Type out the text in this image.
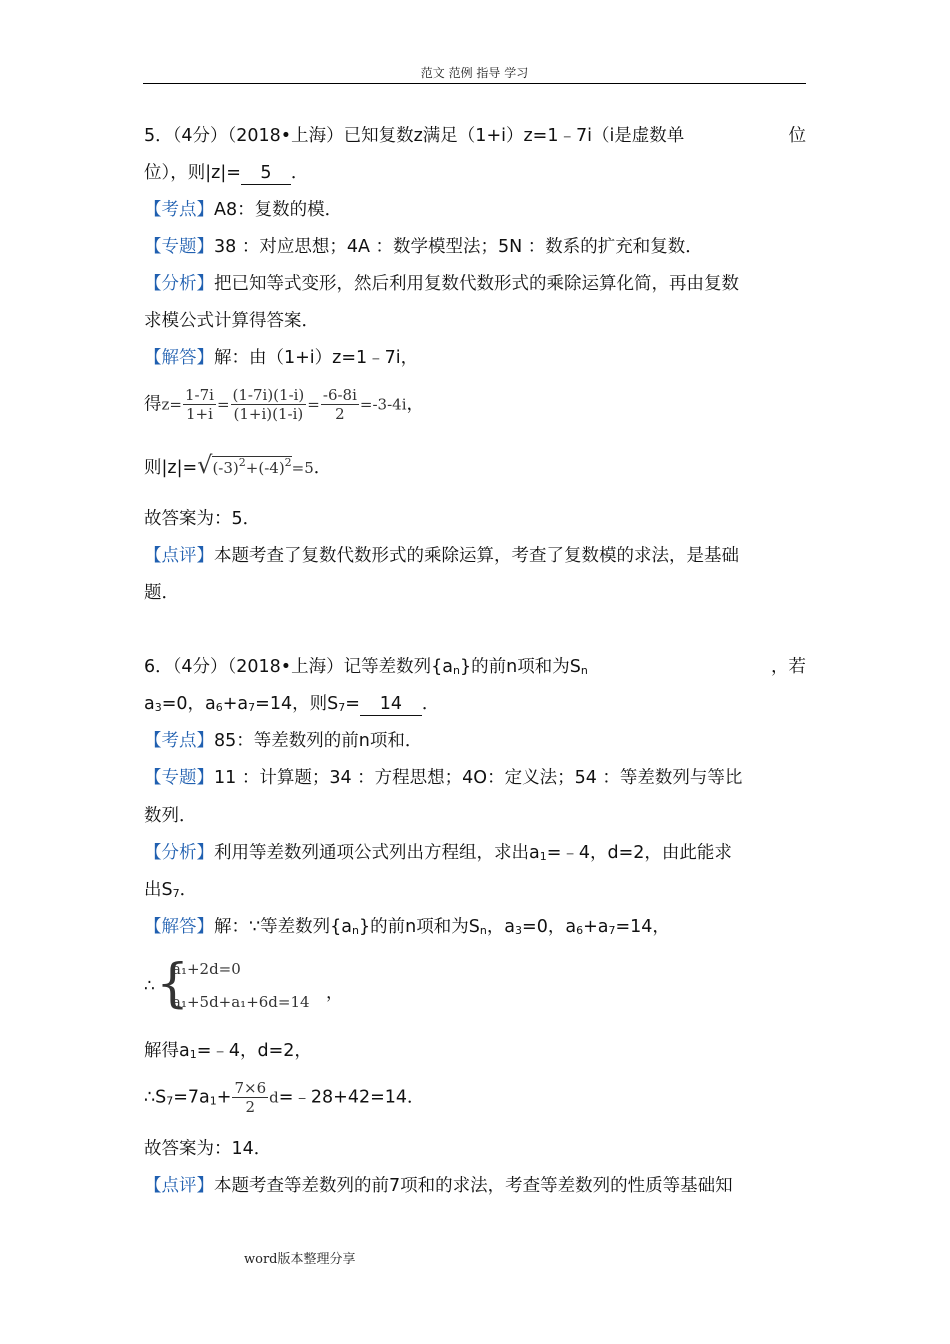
范文 范例 指导 学习
5．（4分）（2018•上海）已知复数z满足（1+i）z=1﹣7i（i是虚数单	位
位），则|z|= 5 ．
【考点】A8：复数的模．
【专题】38 ：对应思想；4A ：数学模型法；5N ：数系的扩充和复数．
【分析】把已知等式变形，然后利用复数代数形式的乘除运算化简，再由复数
求模公式计算得答案．
【解答】解：由（1+i）z=1﹣7i，
得$z= \frac{1-7i}{1+i} = \frac{(1-7i)(1-i)}{(1+i)(1-i)} = \frac{-6-8i}{2} =-3-4i$，
则$|z|=√(-3)^2+(-4)^2=5$．
故答案为：5．
【点评】本题考查了复数代数形式的乘除运算，考查了复数模的求法，是基础
题．
6．（4分）（2018•上海）记等差数列{an}的前n项和为Sn	，若
a3=0，a6+a7=14，则S7= 14 ．
【考点】85：等差数列的前n项和．
【专题】11 ：计算题；34 ：方程思想；4O：定义法；54 ：等差数列与等比
数列．
【分析】利用等差数列通项公式列出方程组，求出a1=﹣4，d=2，由此能求
出S7．
【解答】解：∵等差数列{an}的前n项和为Sn，a3=0，a6+a7=14，
∴ {
a₁+2d=0
a₁+5d+a₁+6d=14 ，
解得a1=﹣4，d=2，
∴S7=7a1+ $\frac{7\times 6}{2}$ d=﹣28+42=14．
故答案为：14．
【点评】本题考查等差数列的前7项和的求法，考查等差数列的性质等基础知
word版本整理分享
